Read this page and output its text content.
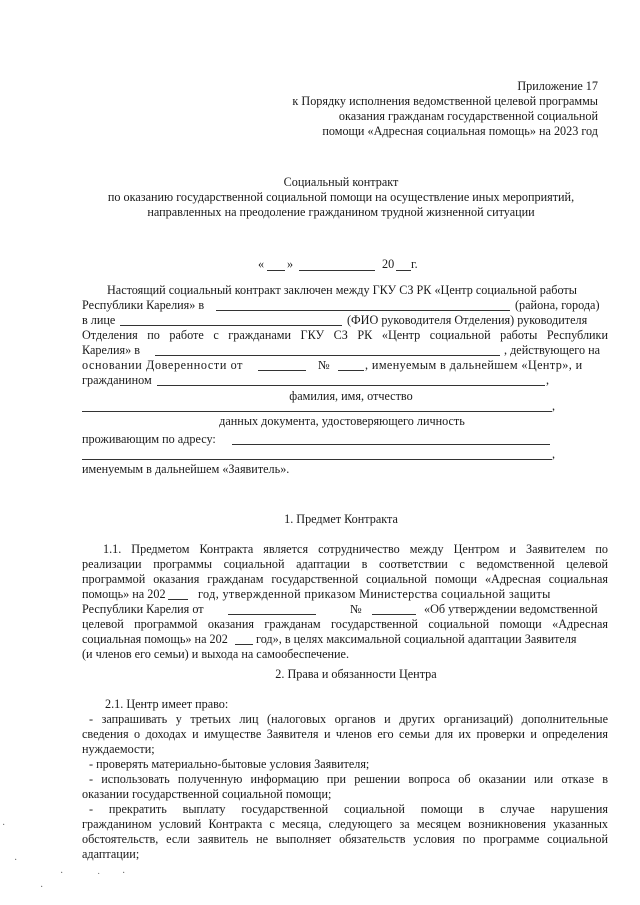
Приложение 17
к Порядку исполнения ведомственной целевой программы
оказания гражданам государственной социальной
помощи «Адресная социальная помощь» на 2023 год
Социальный контракт
по оказанию государственной социальной помощи на осуществление иных мероприятий,
направленных на преодоление гражданином трудной жизненной ситуации
« »	20 г.
Настоящий социальный контракт заключен между ГКУ СЗ РК «Центр социальной работы
Республики Карелия» в	(района, города)
в лице	(ФИО руководителя Отделения) руководителя
Отделения по работе с гражданами ГКУ СЗ РК «Центр социальной работы Республики
Карелия» в	, действующего на
основании Доверенности от	№	, именуемым в дальнейшем «Центр», и
гражданином	,
фамилия, имя, отчество
,
данных документа, удостоверяющего личность
проживающим по адресу:
,
именуемым в дальнейшем «Заявитель».
1. Предмет Контракта
1.1. Предметом Контракта является сотрудничество между Центром и Заявителем по
реализации программы социальной адаптации в соответствии с ведомственной целевой
программой оказания гражданам государственной социальной помощи «Адресная социальная
помощь» на 202	год, утвержденной приказом Министерства социальной защиты
Республики Карелия от	№	«Об утверждении ведомственной
целевой программой оказания гражданам государственной социальной помощи «Адресная
социальная помощь» на 202 год», в целях максимальной социальной адаптации Заявителя
(и членов его семьи) и выхода на самообеспечение.
2. Права и обязанности Центра
2.1. Центр имеет право:
- запрашивать у третьих лиц (налоговых органов и других организаций) дополнительные
сведения о доходах и имуществе Заявителя и членов его семьи для их проверки и определения
нуждаемости;
- проверять материально-бытовые условия Заявителя;
- использовать полученную информацию при решении вопроса об оказании или отказе в
оказании государственной социальной помощи;
- прекратить выплату государственной социальной помощи в случае нарушения
гражданином условий Контракта с месяца, следующего за месяцем возникновения указанных
обстоятельств, если заявитель не выполняет обязательств условия по программе социальной
адаптации;
·
·
·	˙ ·
·
